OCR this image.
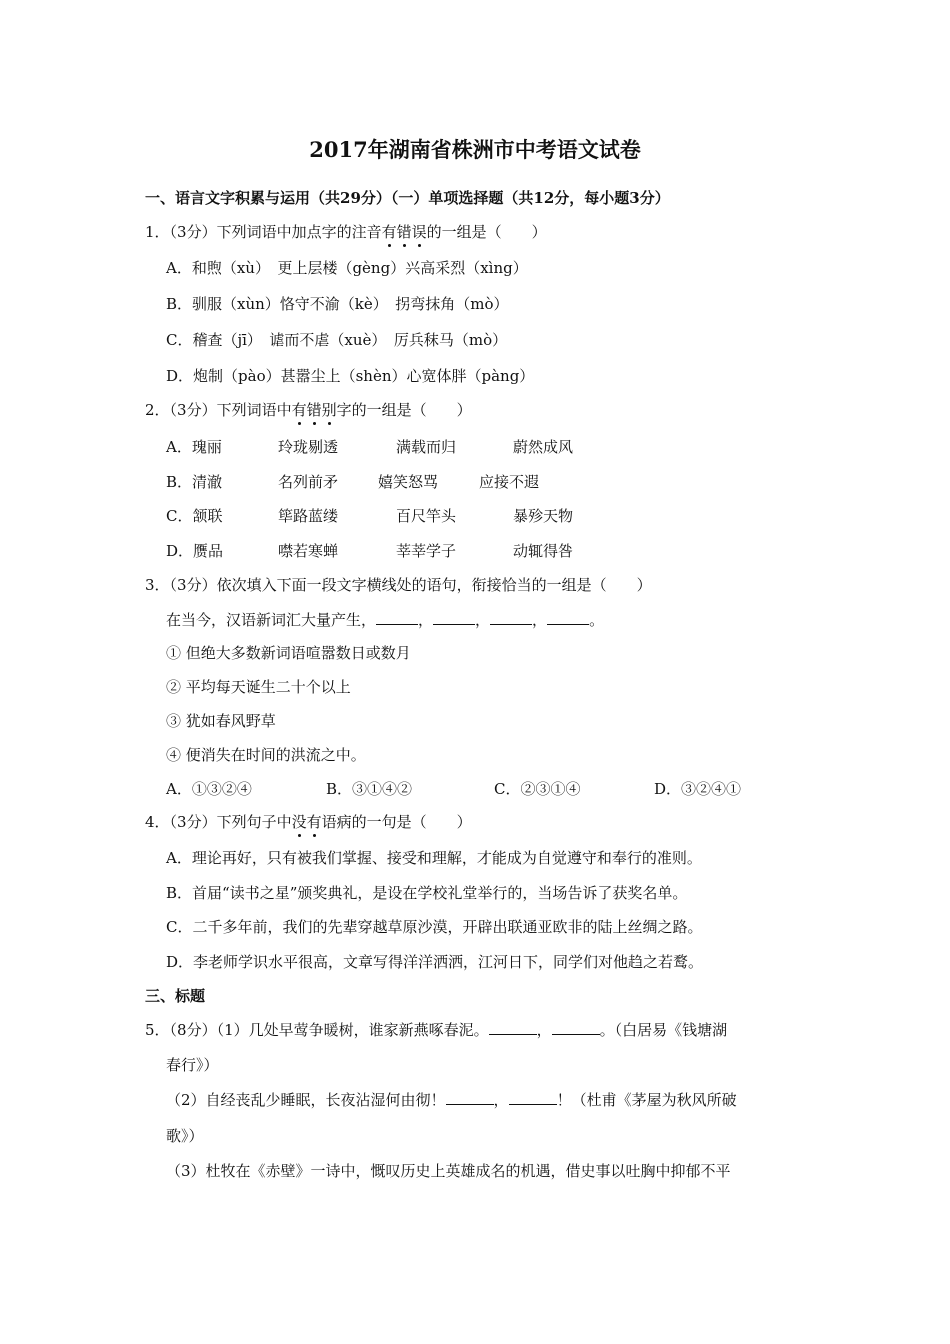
2017年湖南省株洲市中考语文试卷
一、语言文字积累与运用（共29分）（一）单项选择题（共12分，每小题3分）
1．（3分）下列词语中加点字的注音有错误的一组是（　　）
A．和煦（xù）　更上层楼（gèng）兴高采烈（xìng）
B．驯服（xùn）恪守不渝（kè）　拐弯抹角（mò）
C．稽查（jī）　谑而不虐（xuè）　厉兵秣马（mò）
D．炮制（pào）甚嚣尘上（shèn）心宽体胖（pàng）
2．（3分）下列词语中有错别字的一组是（　　）
A．瑰丽	玲珑剔透	满载而归	蔚然成风
B．清澈	名列前矛	嬉笑怒骂	应接不遐
C．颔联	筚路蓝缕	百尺竿头	暴殄天物
D．赝品	噤若寒蝉	莘莘学子	动辄得咎
3．（3分）依次填入下面一段文字横线处的语句，衔接恰当的一组是（　　）
在当今，汉语新词汇大量产生，	，	，	，	。
① 但绝大多数新词语喧嚣数日或数月
② 平均每天诞生二十个以上
③ 犹如春风野草
④ 便消失在时间的洪流之中。
A．①③②④	B．③①④②	C．②③①④	D．③②④①
4．（3分）下列句子中没有语病的一句是（　　）
A．理论再好，只有被我们掌握、接受和理解，才能成为自觉遵守和奉行的准则。
B．首届“读书之星”颁奖典礼，是设在学校礼堂举行的，当场告诉了获奖名单。
C．二千多年前，我们的先辈穿越草原沙漠，开辟出联通亚欧非的陆上丝绸之路。
D．李老师学识水平很高，文章写得洋洋洒洒，江河日下，同学们对他趋之若鹜。
三、标题
5．（8分）（1）几处早莺争暖树，谁家新燕啄春泥。	，	。（白居易《钱塘湖
春行》）
（2）自经丧乱少睡眠，长夜沾湿何由彻！	，	！（杜甫《茅屋为秋风所破
歌》）
（3）杜牧在《赤壁》一诗中，慨叹历史上英雄成名的机遇，借史事以吐胸中抑郁不平
